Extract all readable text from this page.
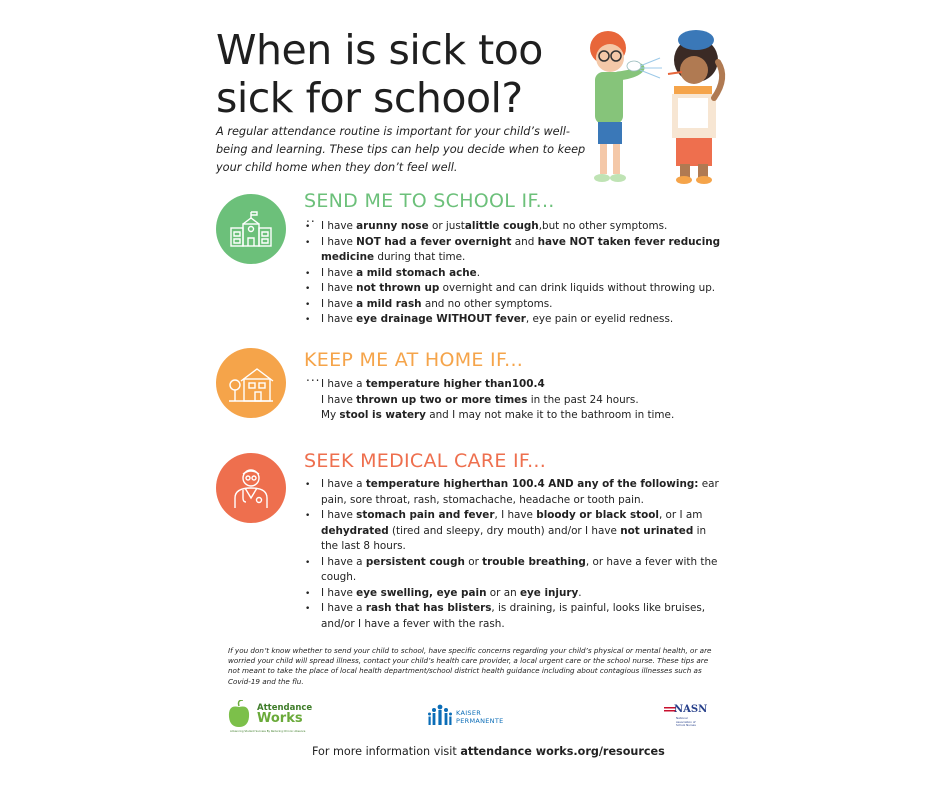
When is sick too sick for school?
A regular attendance routine is important for your child’s well-being and learning. These tips can help you decide when to keep your child home when they don’t feel well.
SEND ME TO SCHOOL IF...
..
• I have arunny nose or justalittle cough,but no other symptoms.
• I have NOT had a fever overnight and have NOT taken fever reducing medicine during that time.
• I have a mild stomach ache.
• I have not thrown up overnight and can drink liquids without throwing up.
• I have a mild rash and no other symptoms.
• I have eye drainage WITHOUT fever, eye pain or eyelid redness.
KEEP ME AT HOME IF...
... I have a temperature higher than100.4
I have thrown up two or more times in the past 24 hours.
My stool is watery and I may not make it to the bathroom in time.
SEEK MEDICAL CARE IF...
• I have a temperature higherthan 100.4 AND any of the following: ear pain, sore throat, rash, stomachache, headache or tooth pain.
• I have stomach pain and fever, I have bloody or black stool, or I am dehydrated (tired and sleepy, dry mouth) and/or I have not urinated in the last 8 hours.
• I have a persistent cough or trouble breathing, or have a fever with the cough.
• I have eye swelling, eye pain or an eye injury.
• I have a rash that has blisters, is draining, is painful, looks like bruises, and/or I have a fever with the rash.
If you don’t know whether to send your child to school, have specific concerns regarding your child’s physical or mental health, or are worried your child will spread illness, contact your child’s health care provider, a local urgent care or the school nurse. These tips are not meant to take the place of local health department/school district health guidance including about contagious illnesses such as Covid-19 and the flu.
Attendance
Works
Advancing Student Success By Reducing Chronic Absence
KAISER
PERMANENTE
NASN
National Association of School Nurses
For more information visit attendance works.org/resources
